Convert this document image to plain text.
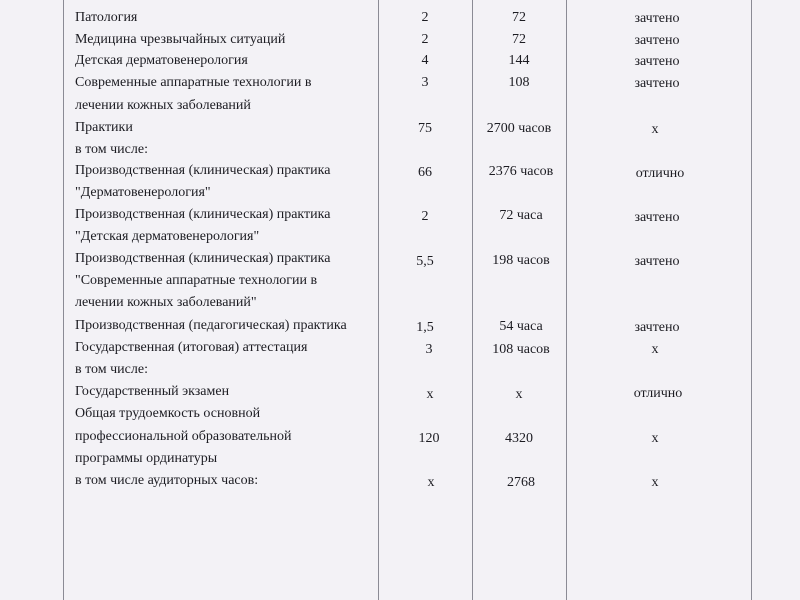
Патология	2	72	зачтено
Медицина чрезвычайных ситуаций	2	72	зачтено
Детская дерматовенерология	4	144	зачтено
Современные аппаратные технологии в
лечении кожных заболеваний
3	108	зачтено
Практики
в том числе:
75	2700 часов	х
Производственная (клиническая) практика
"Дерматовенерология"
66	2376 часов	отлично
Производственная (клиническая) практика
"Детская дерматовенерология"
2	72 часа	зачтено
Производственная (клиническая) практика
"Современные аппаратные технологии в
лечении кожных заболеваний"
5,5	198 часов	зачтено
Производственная (педагогическая) практика	1,5	54 часа	зачтено
Государственная (итоговая) аттестация
в том числе:
3	108 часов	х
Государственный экзамен	х	х	отлично
Общая трудоемкость основной
профессиональной образовательной
программы ординатуры
120	4320	х
в том числе аудиторных часов:	х	2768	х
